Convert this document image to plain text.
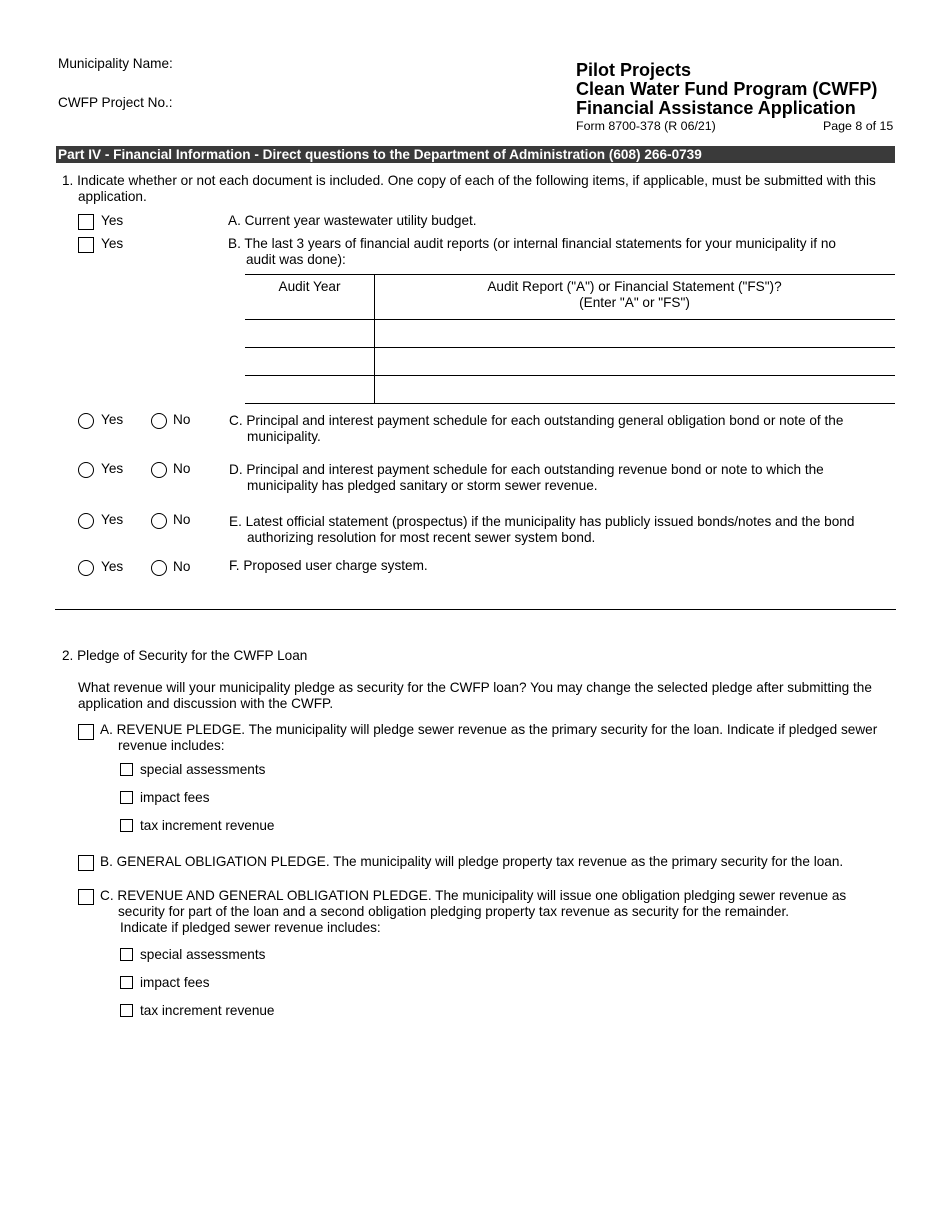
Municipality Name:
CWFP Project No.:
Pilot Projects
Clean Water Fund Program (CWFP)
Financial Assistance Application
Form 8700-378 (R 06/21)	Page 8 of 15
Part IV - Financial Information - Direct questions to the Department of Administration (608) 266-0739
1. Indicate whether or not each document is included. One copy of each of the following items, if applicable, must be submitted with this application.
Yes	A. Current year wastewater utility budget.
Yes	B. The last 3 years of financial audit reports (or internal financial statements for your municipality if no audit was done):
Audit Year	Audit Report ("A") or Financial Statement ("FS")?
(Enter "A" or "FS")
Yes	No	C. Principal and interest payment schedule for each outstanding general obligation bond or note of the municipality.
Yes	No	D. Principal and interest payment schedule for each outstanding revenue bond or note to which the municipality has pledged sanitary or storm sewer revenue.
Yes	No	E. Latest official statement (prospectus) if the municipality has publicly issued bonds/notes and the bond authorizing resolution for most recent sewer system bond.
Yes	No	F. Proposed user charge system.
2. Pledge of Security for the CWFP Loan
What revenue will your municipality pledge as security for the CWFP loan? You may change the selected pledge after submitting the application and discussion with the CWFP.
A. REVENUE PLEDGE. The municipality will pledge sewer revenue as the primary security for the loan. Indicate if pledged sewer revenue includes:
special assessments
impact fees
tax increment revenue
B. GENERAL OBLIGATION PLEDGE. The municipality will pledge property tax revenue as the primary security for the loan.
C. REVENUE AND GENERAL OBLIGATION PLEDGE. The municipality will issue one obligation pledging sewer revenue as security for part of the loan and a second obligation pledging property tax revenue as security for the remainder.
Indicate if pledged sewer revenue includes:
special assessments
impact fees
tax increment revenue
